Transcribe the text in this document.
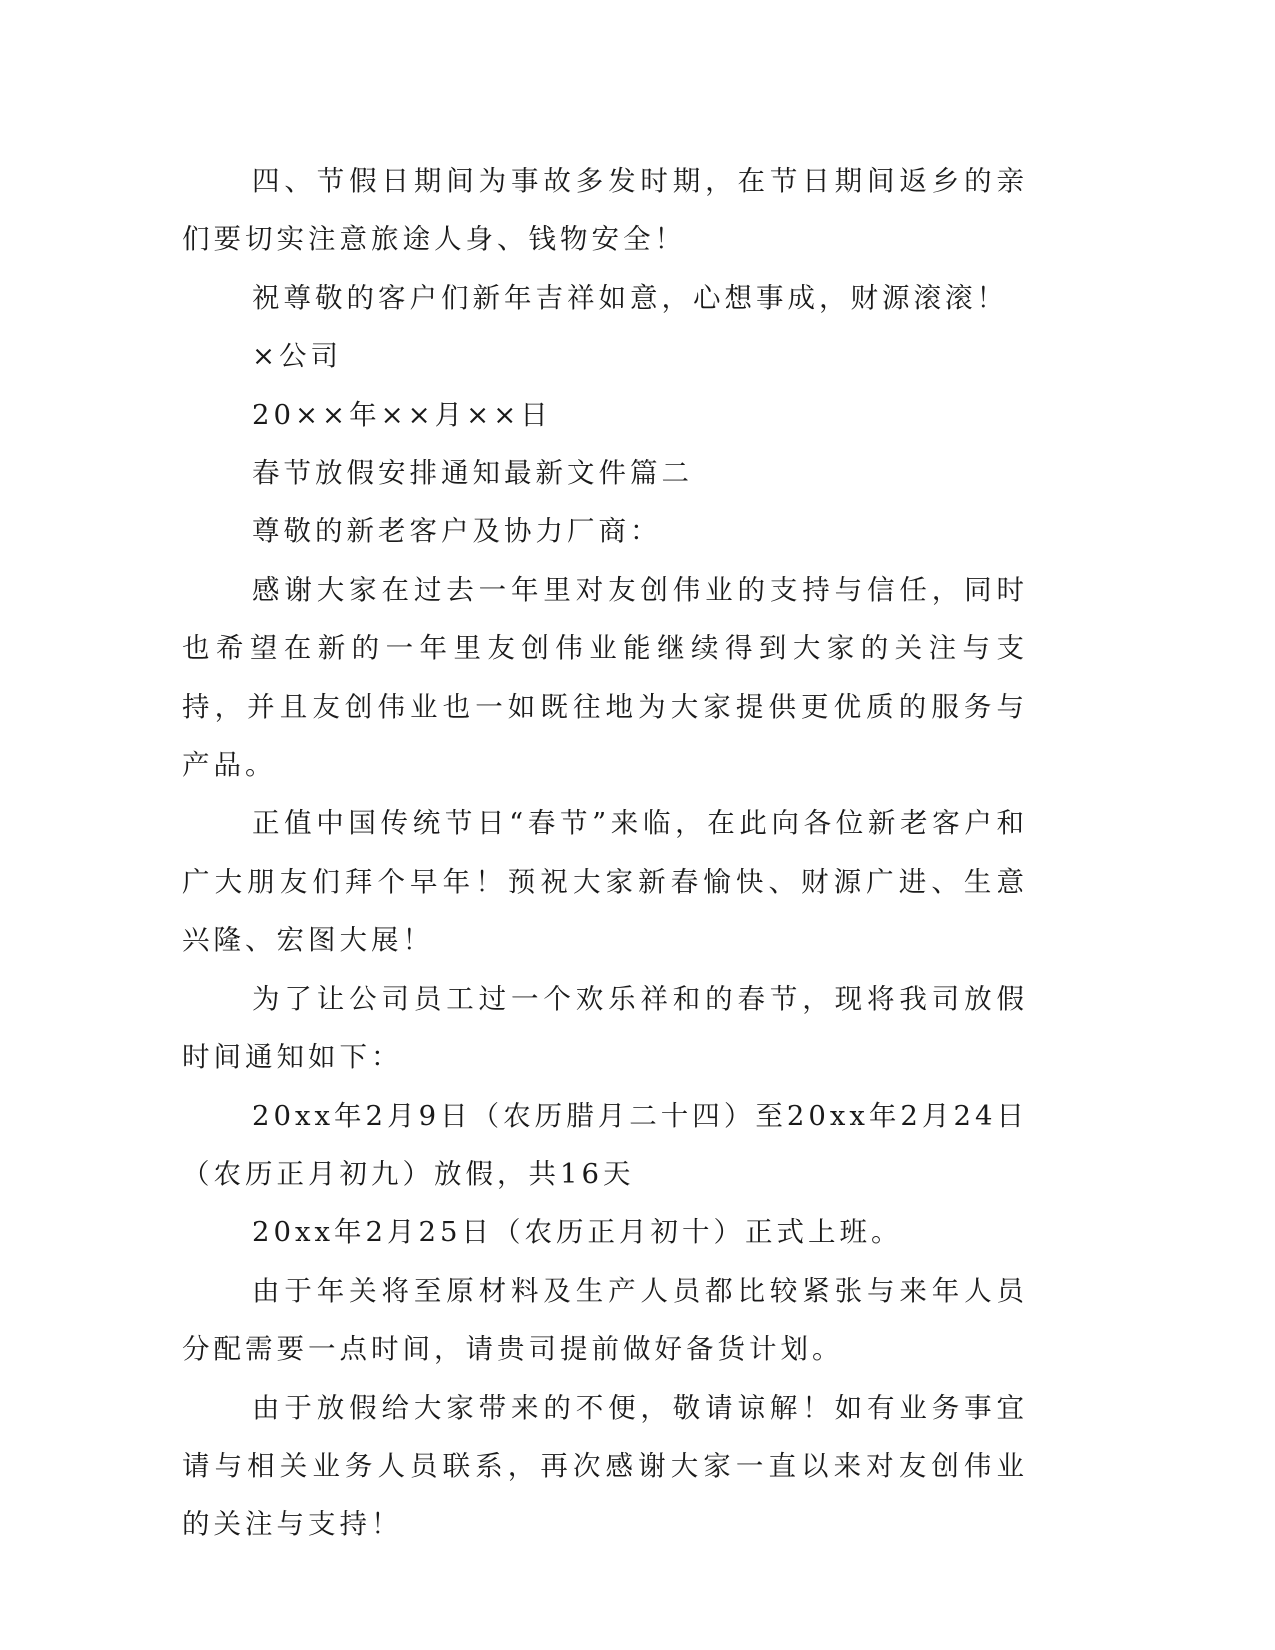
四、节假日期间为事故多发时期，在节日期间返乡的亲们要切实注意旅途人身、钱物安全！

祝尊敬的客户们新年吉祥如意，心想事成，财源滚滚！

×公司

20××年××月××日

春节放假安排通知最新文件篇二

尊敬的新老客户及协力厂商：

感谢大家在过去一年里对友创伟业的支持与信任，同时也希望在新的一年里友创伟业能继续得到大家的关注与支持，并且友创伟业也一如既往地为大家提供更优质的服务与产品。

正值中国传统节日“春节”来临，在此向各位新老客户和广大朋友们拜个早年！预祝大家新春愉快、财源广进、生意兴隆、宏图大展！

为了让公司员工过一个欢乐祥和的春节，现将我司放假时间通知如下：

20xx年2月9日（农历腊月二十四）至20xx年2月24日（农历正月初九）放假，共16天

20xx年2月25日（农历正月初十）正式上班。

由于年关将至原材料及生产人员都比较紧张与来年人员分配需要一点时间，请贵司提前做好备货计划。

由于放假给大家带来的不便，敬请谅解！如有业务事宜请与相关业务人员联系，再次感谢大家一直以来对友创伟业的关注与支持！
